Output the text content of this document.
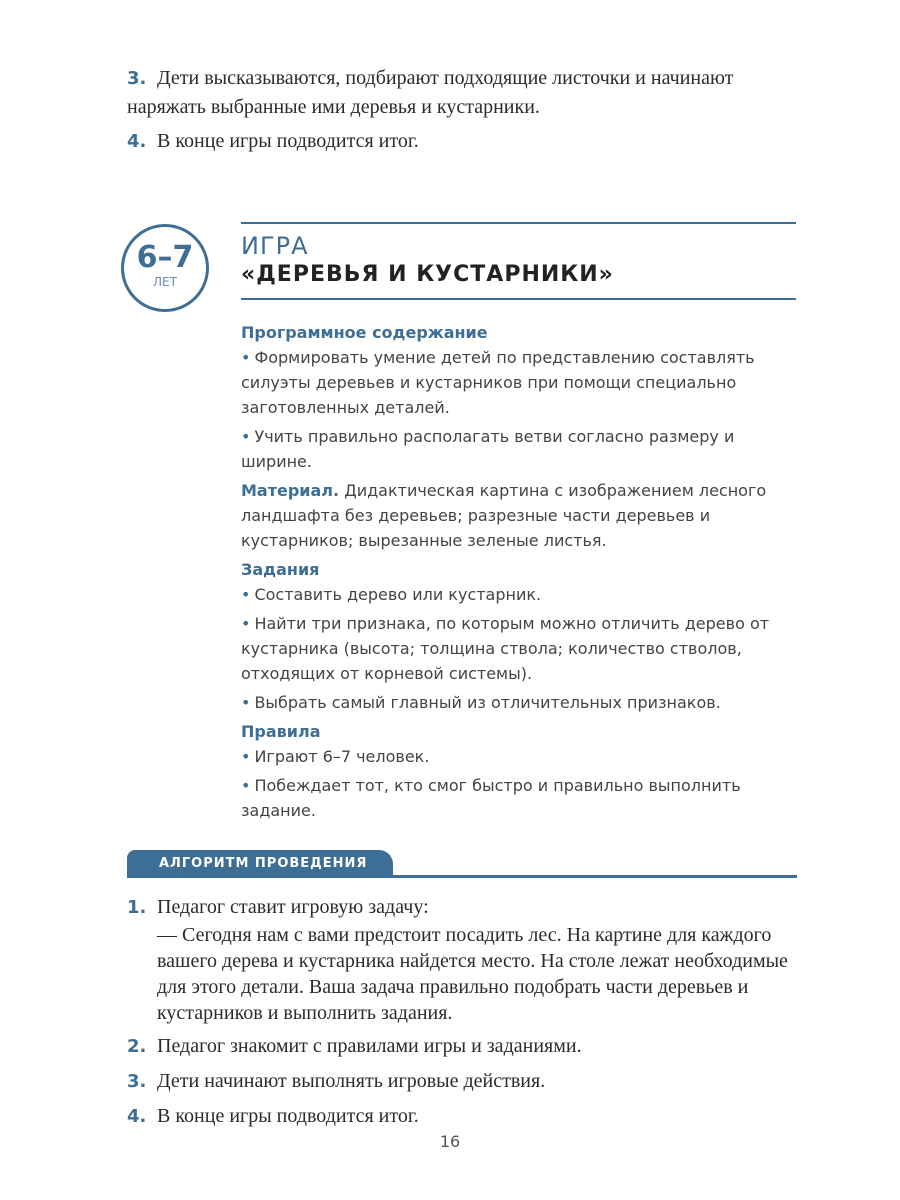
3. Дети высказываются, подбирают подходящие листочки и начинают наряжать выбранные ими деревья и кустарники.
4. В конце игры подводится итог.
6–7
ЛЕТ
ИГРА
«ДЕРЕВЬЯ И КУСТАРНИКИ»
Программное содержание
• Формировать умение детей по представлению составлять силуэты деревьев и кустарников при помощи специально заготовленных деталей.
• Учить правильно располагать ветви согласно размеру и ширине.
Материал. Дидактическая картина с изображением лесного ландшафта без деревьев; разрезные части деревьев и кустарников; вырезанные зеленые листья.
Задания
• Составить дерево или кустарник.
• Найти три признака, по которым можно отличить дерево от кустарника (высота; толщина ствола; количество стволов, отходящих от корневой системы).
• Выбрать самый главный из отличительных признаков.
Правила
• Играют 6–7 человек.
• Побеждает тот, кто смог быстро и правильно выполнить задание.
АЛГОРИТМ ПРОВЕДЕНИЯ
1. Педагог ставит игровую задачу:
— Сегодня нам с вами предстоит посадить лес. На картине для каждого вашего дерева и кустарника найдется место. На столе лежат необходимые для этого детали. Ваша задача правильно подобрать части деревьев и кустарников и выполнить задания.
2. Педагог знакомит с правилами игры и заданиями.
3. Дети начинают выполнять игровые действия.
4. В конце игры подводится итог.
16
